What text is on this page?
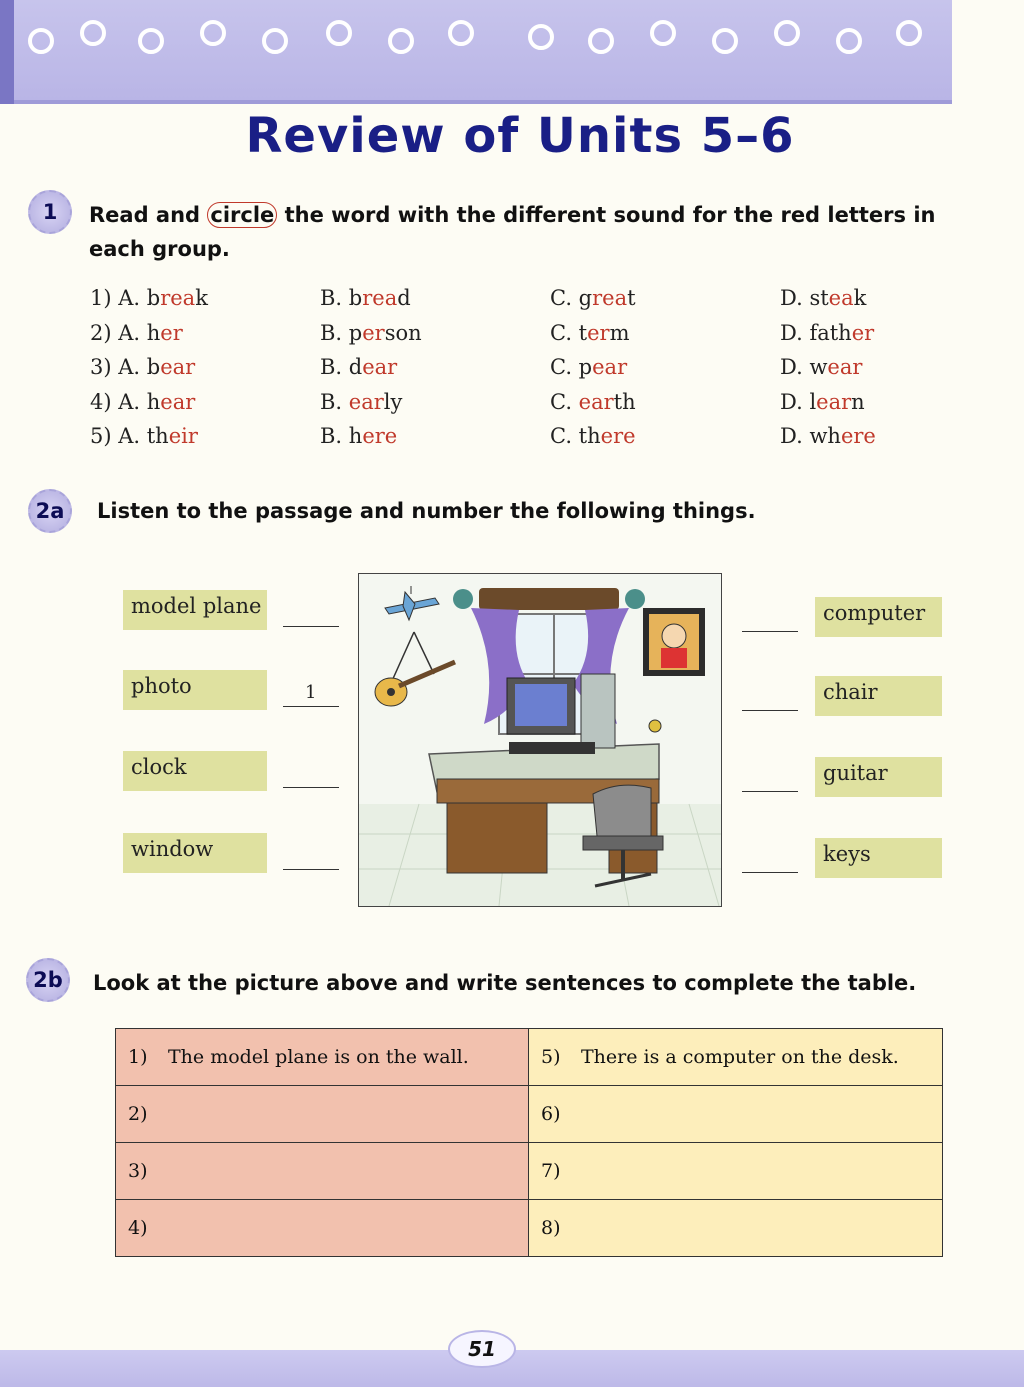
Review of Units 5–6
1	Read and circle the word with the different sound for the red letters in
each group.
1) A. break	B. bread	C. great	D. steak
2) A. her	B. person	C. term	D. father
3) A. bear	B. dear	C. pear	D. wear
4) A. hear	B. early	C. earth	D. learn
5) A. their	B. here	C. there	D. where
2a	Listen to the passage and number the following things.
model plane
photo	1
clock
window
computer
chair
guitar
keys
2b	Look at the picture above and write sentences to complete the table.
1) The model plane is on the wall.	5) There is a computer on the desk.
2)	6)
3)	7)
4)	8)
51
